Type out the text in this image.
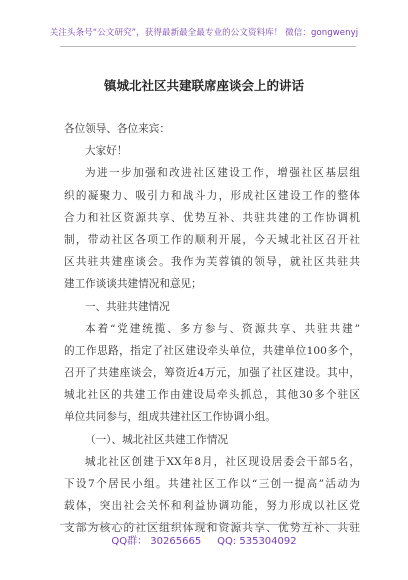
关注头条号“公文研究”，获得最新最全最专业的公文资料库！ 微信：gongwenyj
镇城北社区共建联席座谈会上的讲话
各位领导、各位来宾：
大家好！
为进一步加强和改进社区建设工作，增强社区基层组
织的凝聚力、吸引力和战斗力，形成社区建设工作的整体
合力和社区资源共享、优势互补、共驻共建的工作协调机
制，带动社区各项工作的顺利开展，今天城北社区召开社
区共驻共建座谈会。我作为芙蓉镇的领导，就社区共驻共
建工作谈谈共建情况和意见；
一、共驻共建情况
本着“党建统揽、多方参与、资源共享、共驻共建”
的工作思路，指定了社区建设牵头单位，共建单位100多个，
召开了共建座谈会，筹资近4万元，加强了社区建设。其中，
城北社区的共建工作由建设局牵头抓总，其他30多个驻区
单位共同参与，组成共建社区工作协调小组。
（一）、城北社区共建工作情况
城北社区创建于XX年8月，社区现设居委会干部5名，
下设7个居民小组。共建社区工作以“三创一提高”活动为
载体，突出社会关怀和利益协调功能，努力形成以社区党
支部为核心的社区组织体现和资源共享、优势互补、共驻
QQ群： 30265665     QQ: 535304092
